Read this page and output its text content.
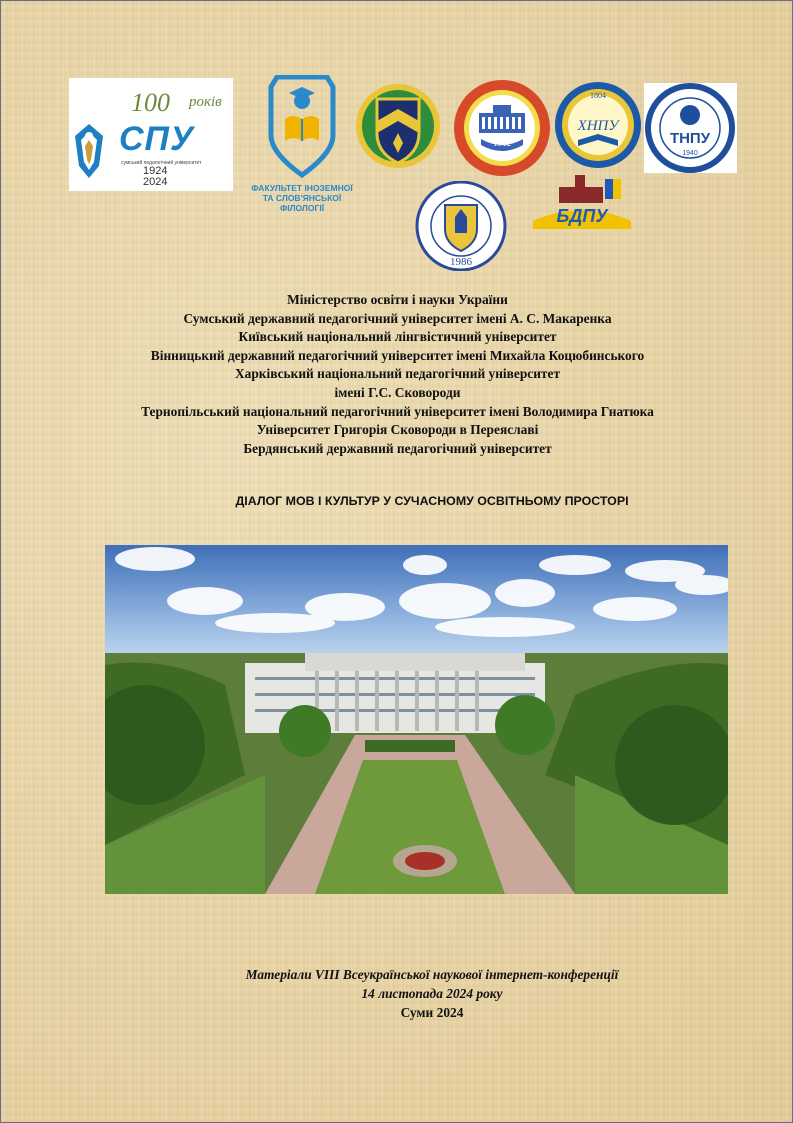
100 років
СПУ
сумський педагогічний університет
1924
2024	ФАКУЛЬТЕТ ІНОЗЕМНОЇ
ТА СЛОВ'ЯНСЬКОЇ
ФІЛОЛОГІЇ
1912
1804
ХНПУ
ТНПУ
1940
1986
БДПУ
Міністерство освіти і науки України
Сумський державний педагогічний університет імені А. С. Макаренка
Київський національний лінгвістичний університет
Вінницький державний педагогічний університет імені Михайла Коцюбинського
Харківський національний педагогічний університет
імені Г.С. Сковороди
Тернопільський національний педагогічний університет імені Володимира Гнатюка
Університет Григорія Сковороди в Переяславі
Бердянський державний педагогічний університет
ДІАЛОГ МОВ І КУЛЬТУР У СУЧАСНОМУ ОСВІТНЬОМУ ПРОСТОРІ
Матеріали VIII Всеукраїнської наукової інтернет-конференції
14 листопада 2024 року
Суми 2024
